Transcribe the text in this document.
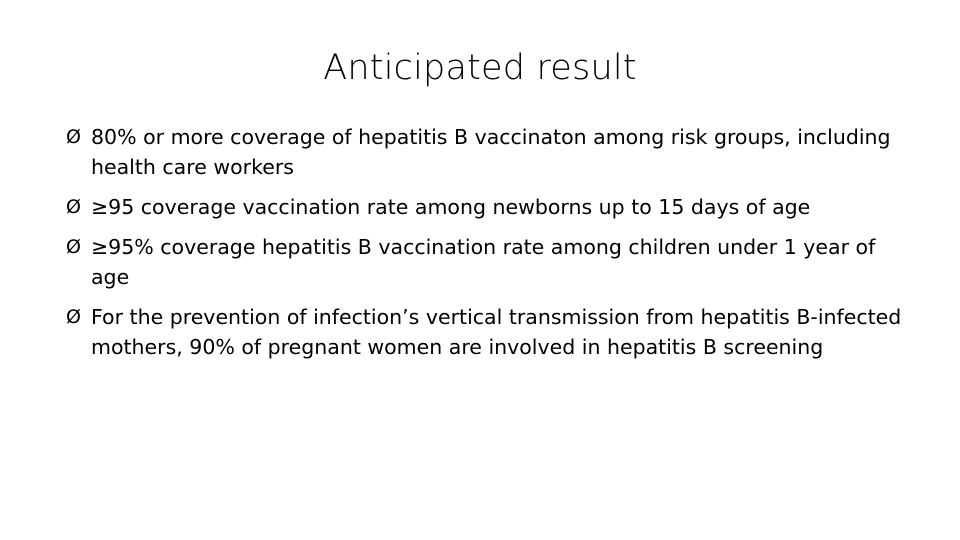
Anticipated result
Ø 80% or more coverage of hepatitis B vaccinaton among risk groups, including health care workers
Ø ≥95 coverage vaccination rate among newborns up to 15 days of age
Ø ≥95% coverage hepatitis B vaccination rate among children under 1 year of age
Ø For the prevention of infection’s vertical transmission from hepatitis B-infected mothers, 90% of pregnant women are involved in hepatitis B screening
